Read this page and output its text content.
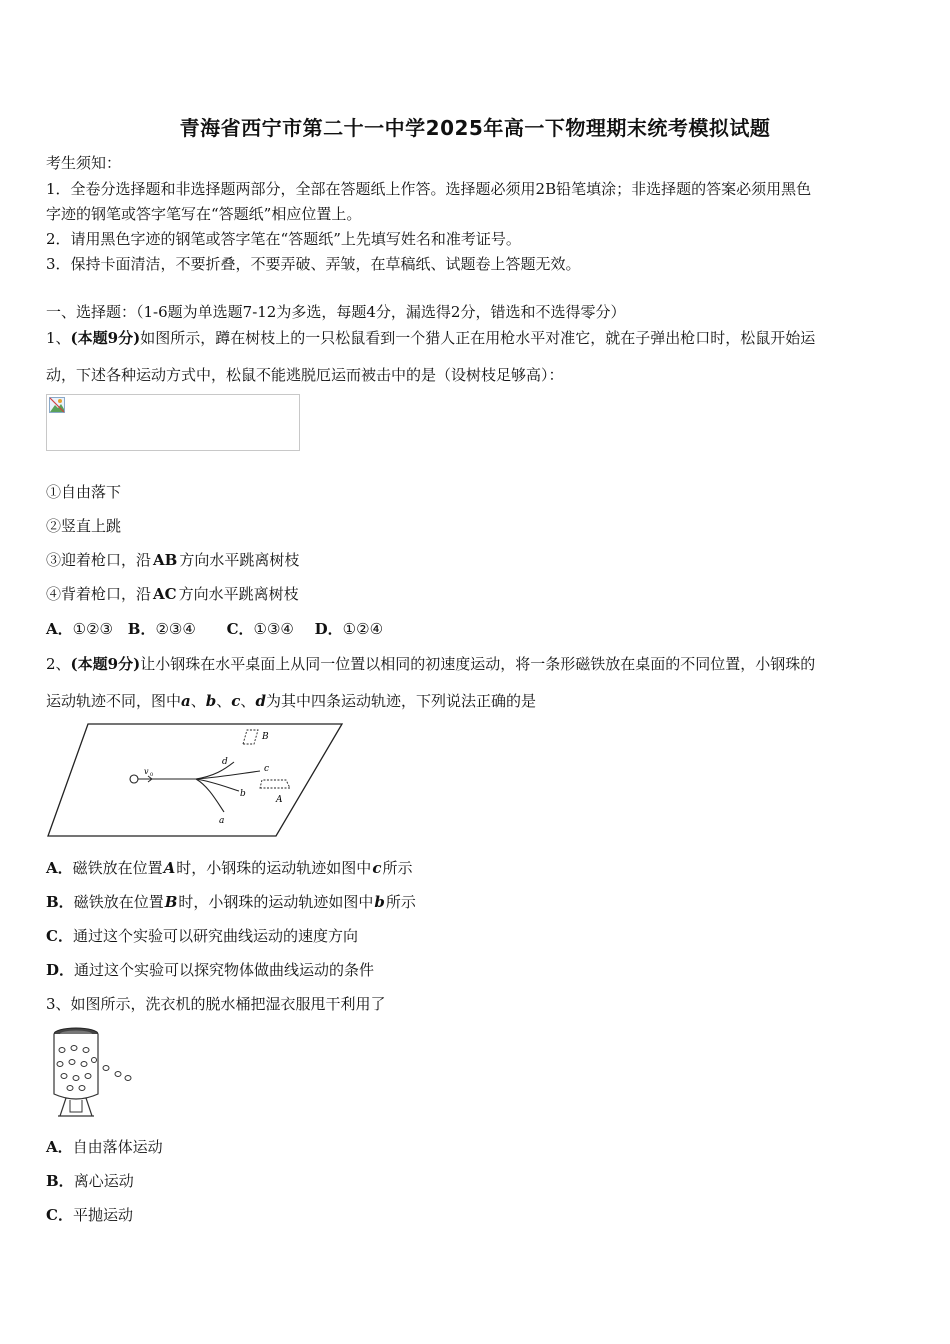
青海省西宁市第二十一中学2025年高一下物理期末统考模拟试题
考生须知：
1．全卷分选择题和非选择题两部分，全部在答题纸上作答。选择题必须用2B铅笔填涂；非选择题的答案必须用黑色
字迹的钢笔或答字笔写在“答题纸”相应位置上。
2．请用黑色字迹的钢笔或答字笔在“答题纸”上先填写姓名和准考证号。
3．保持卡面清洁，不要折叠，不要弄破、弄皱，在草稿纸、试题卷上答题无效。
一、选择题：（1-6题为单选题7-12为多选，每题4分，漏选得2分，错选和不选得零分）
1、(本题9分)如图所示，蹲在树枝上的一只松鼠看到一个猎人正在用枪水平对准它，就在子弹出枪口时，松鼠开始运
动，下述各种运动方式中，松鼠不能逃脱厄运而被击中的是（设树枝足够高）：
①自由落下
②竖直上跳
③迎着枪口，沿 AB 方向水平跳离树枝
④背着枪口，沿 AC 方向水平跳离树枝
A．①②③ B．②③④ C．①③④ D．①②④
2、(本题9分)让小钢珠在水平桌面上从同一位置以相同的初速度运动，将一条形磁铁放在桌面的不同位置，小钢珠的
运动轨迹不同，图中a、b、c、d为其中四条运动轨迹，下列说法正确的是
v 0
d
c
b
a
B
A
A．磁铁放在位置A时，小钢珠的运动轨迹如图中c所示
B．磁铁放在位置B时，小钢珠的运动轨迹如图中b所示
C．通过这个实验可以研究曲线运动的速度方向
D．通过这个实验可以探究物体做曲线运动的条件
3、如图所示，洗衣机的脱水桶把湿衣服甩干利用了
A．自由落体运动
B．离心运动
C．平抛运动
